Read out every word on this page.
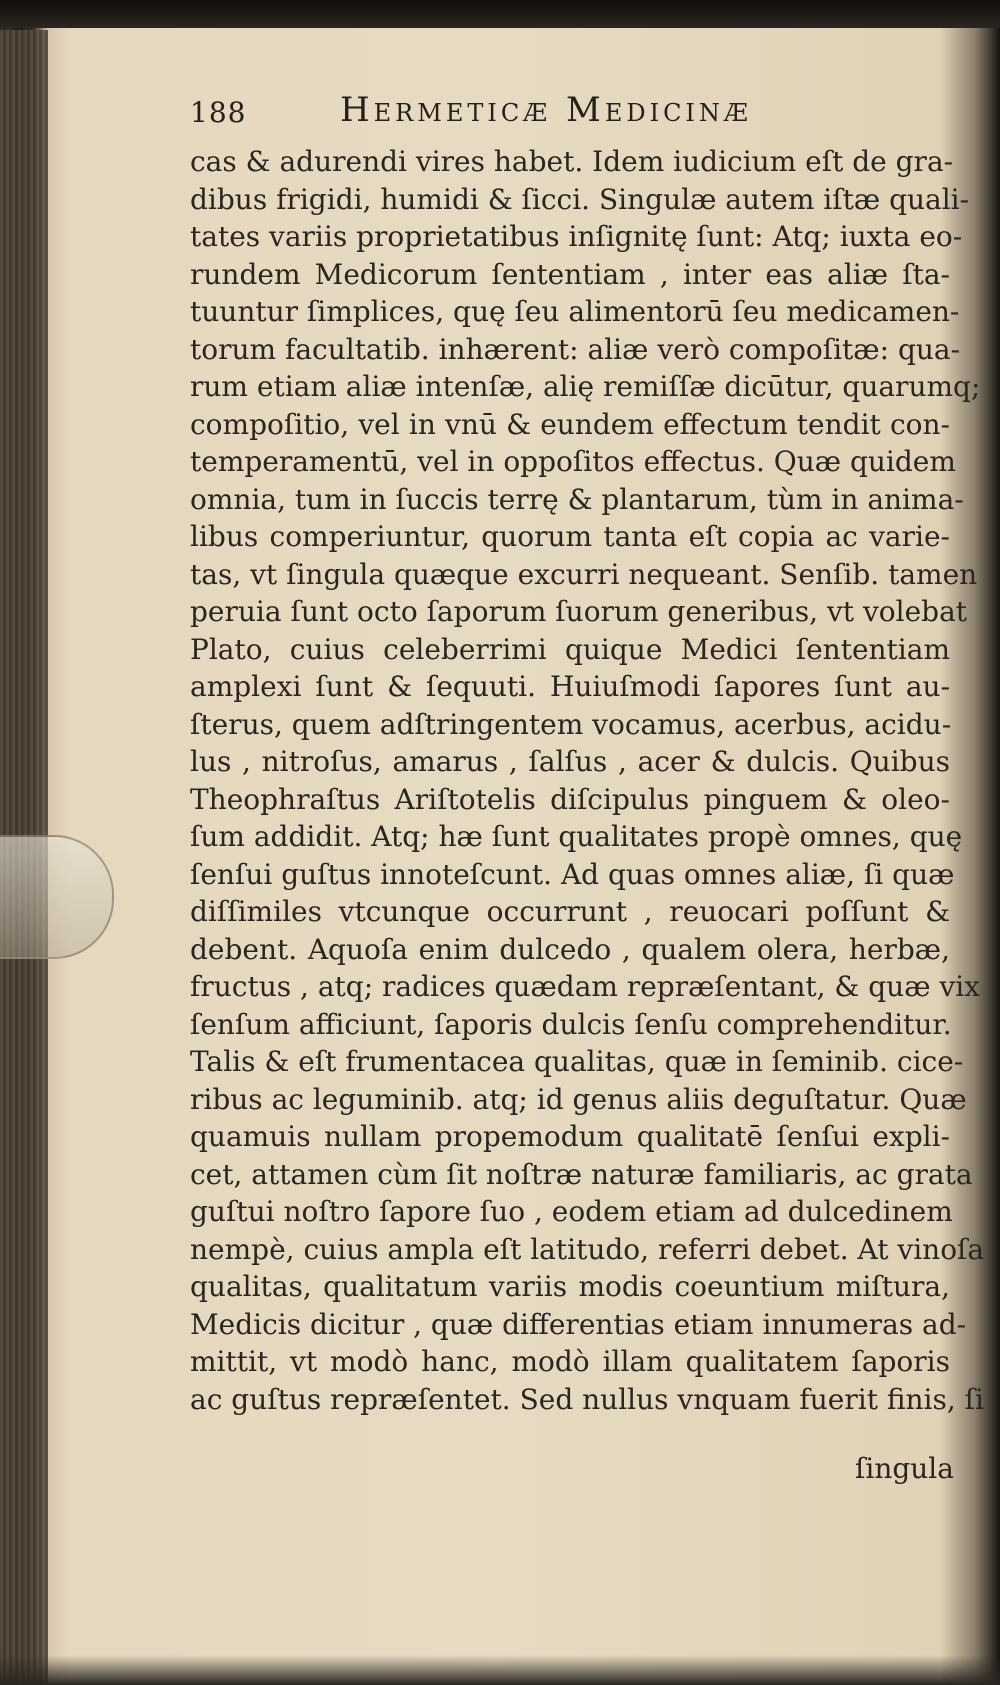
188	Hermeticæ Medicinæ
cas & adurendi vires habet. Idem iudicium eſt de gra-
dibus frigidi, humidi & ſicci. Singulæ autem iſtæ quali-
tates variis proprietatibus inſignitę ſunt: Atq; iuxta eo-
rundem Medicorum ſententiam , inter eas aliæ ſta-
tuuntur ſimplices, quę ſeu alimentorū ſeu medicamen-
torum facultatib. inhærent: aliæ verò compoſitæ: qua-
rum etiam aliæ intenſæ, alię remiſſæ dicūtur, quarumq;
compoſitio, vel in vnū & eundem effectum tendit con-
temperamentū, vel in oppoſitos effectus. Quæ quidem
omnia, tum in ſuccis terrę & plantarum, tùm in anima-
libus comperiuntur, quorum tanta eſt copia ac varie-
tas, vt ſingula quæque excurri nequeant. Senſib. tamen
peruia ſunt octo ſaporum ſuorum generibus, vt volebat
Plato, cuius celeberrimi quique Medici ſententiam
amplexi ſunt & ſequuti. Huiuſmodi ſapores ſunt au-
ſterus, quem adſtringentem vocamus, acerbus, acidu-
lus , nitroſus, amarus , ſalſus , acer & dulcis. Quibus
Theophraſtus Ariſtotelis diſcipulus pinguem & oleo-
ſum addidit. Atq; hæ ſunt qualitates propè omnes, quę
ſenſui guſtus innoteſcunt. Ad quas omnes aliæ, ſi quæ
diſſimiles vtcunque occurrunt , reuocari poſſunt &
debent. Aquoſa enim dulcedo , qualem olera, herbæ,
fructus , atq; radices quædam repræſentant, & quæ vix
ſenſum afficiunt, ſaporis dulcis ſenſu comprehenditur.
Talis & eſt frumentacea qualitas, quæ in ſeminib. cice-
ribus ac leguminib. atq; id genus aliis deguſtatur. Quæ
quamuis nullam propemodum qualitatē ſenſui expli-
cet, attamen cùm ſit noſtræ naturæ familiaris, ac grata
guſtui noſtro ſapore ſuo , eodem etiam ad dulcedinem
nempè, cuius ampla eſt latitudo, referri debet. At vinoſa
qualitas, qualitatum variis modis coeuntium miſtura,
Medicis dicitur , quæ differentias etiam innumeras ad-
mittit, vt modò hanc, modò illam qualitatem ſaporis
ac guſtus repræſentet. Sed nullus vnquam fuerit finis, ſi
ſingula
